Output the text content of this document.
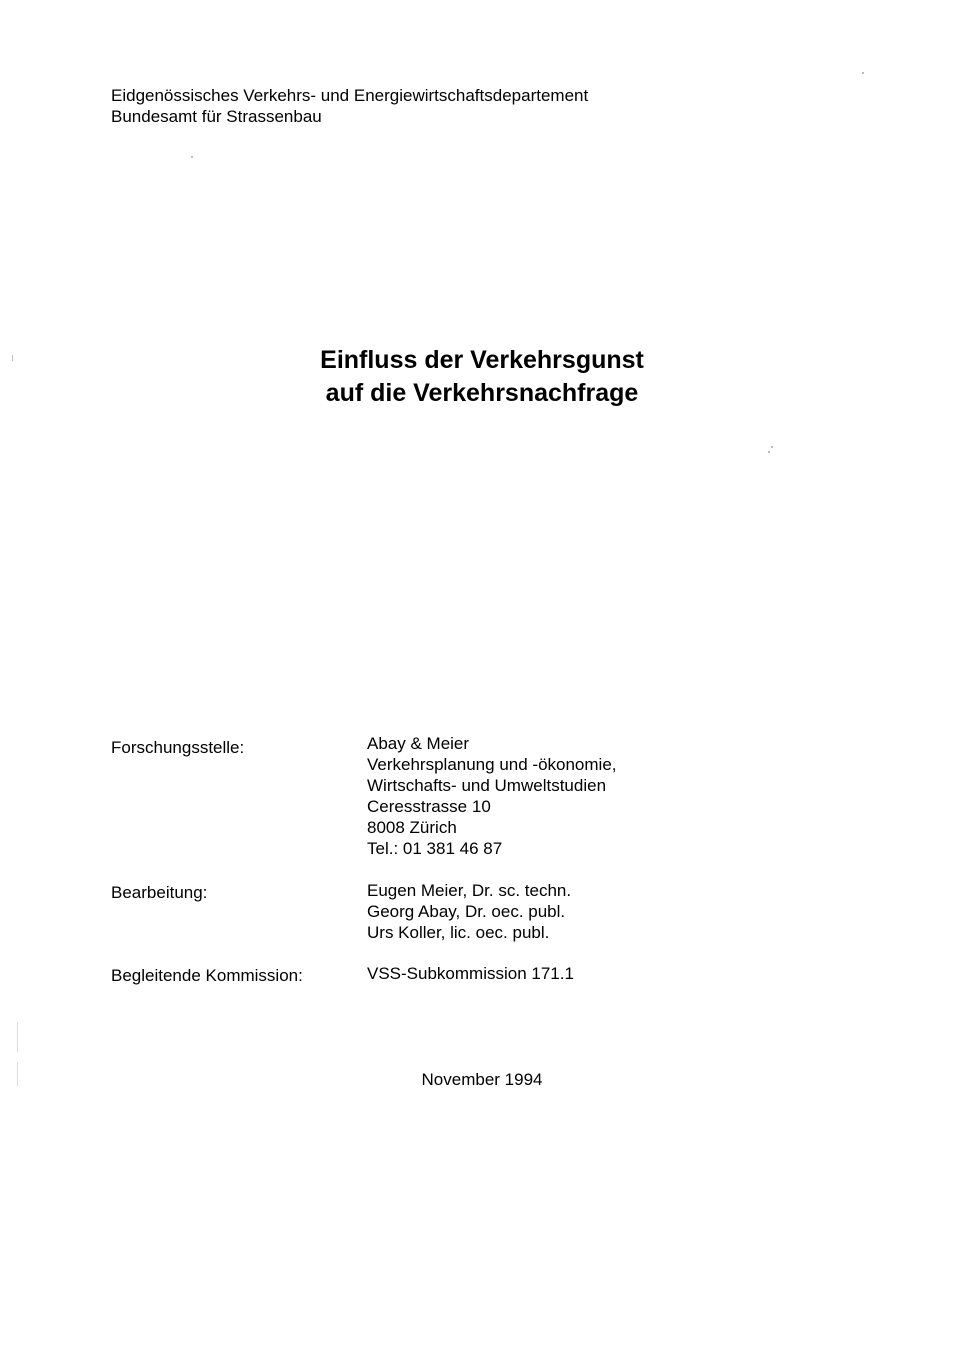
Eidgenössisches Verkehrs- und Energiewirtschaftsdepartement
Bundesamt für Strassenbau
Einfluss der Verkehrsgunst
auf die Verkehrsnachfrage
Forschungsstelle:	Abay & Meier
Verkehrsplanung und -ökonomie,
Wirtschafts- und Umweltstudien
Ceresstrasse 10
8008 Zürich
Tel.: 01 381 46 87
Bearbeitung:	Eugen Meier, Dr. sc. techn.
Georg Abay, Dr. oec. publ.
Urs Koller, lic. oec. publ.
Begleitende Kommission:	VSS-Subkommission 171.1
November 1994
